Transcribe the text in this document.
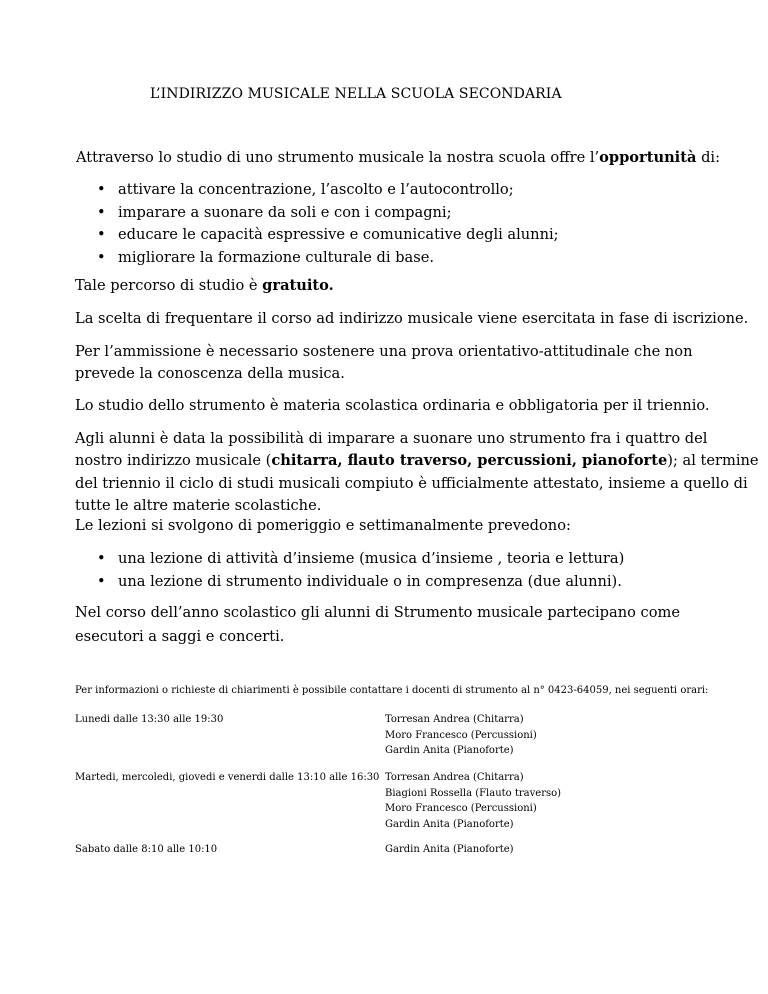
L’INDIRIZZO MUSICALE NELLA SCUOLA SECONDARIA
Attraverso lo studio di uno strumento musicale la nostra scuola offre l’opportunità di:
• attivare la concentrazione, l’ascolto e l’autocontrollo;
• imparare a suonare da soli e con i compagni;
• educare le capacità espressive e comunicative degli alunni;
• migliorare la formazione culturale di base.
Tale percorso di studio è gratuito.
La scelta di frequentare il corso ad indirizzo musicale viene esercitata in fase di iscrizione.
Per l’ammissione è necessario sostenere una prova orientativo-attitudinale che non
prevede la conoscenza della musica.
Lo studio dello strumento è materia scolastica ordinaria e obbligatoria per il triennio.
Agli alunni è data la possibilità di imparare a suonare uno strumento fra i quattro del
nostro indirizzo musicale (chitarra, flauto traverso, percussioni, pianoforte); al termine
del triennio il ciclo di studi musicali compiuto è ufficialmente attestato, insieme a quello di
tutte le altre materie scolastiche.
Le lezioni si svolgono di pomeriggio e settimanalmente prevedono:
• una lezione di attività d’insieme (musica d’insieme , teoria e lettura)
• una lezione di strumento individuale o in compresenza (due alunni).
Nel corso dell’anno scolastico gli alunni di Strumento musicale partecipano come
esecutori a saggi e concerti.
Per informazioni o richieste di chiarimenti è possibile contattare i docenti di strumento al n° 0423-64059, nei seguenti orari:
Lunedi dalle 13:30 alle 19:30	Torresan Andrea (Chitarra)
Moro Francesco (Percussioni)
Gardin Anita (Pianoforte)
Martedi, mercoledi, giovedi e venerdi dalle 13:10 alle 16:30 Torresan Andrea (Chitarra)
Biagioni Rossella (Flauto traverso)
Moro Francesco (Percussioni)
Gardin Anita (Pianoforte)
Sabato dalle 8:10 alle 10:10	Gardin Anita (Pianoforte)
